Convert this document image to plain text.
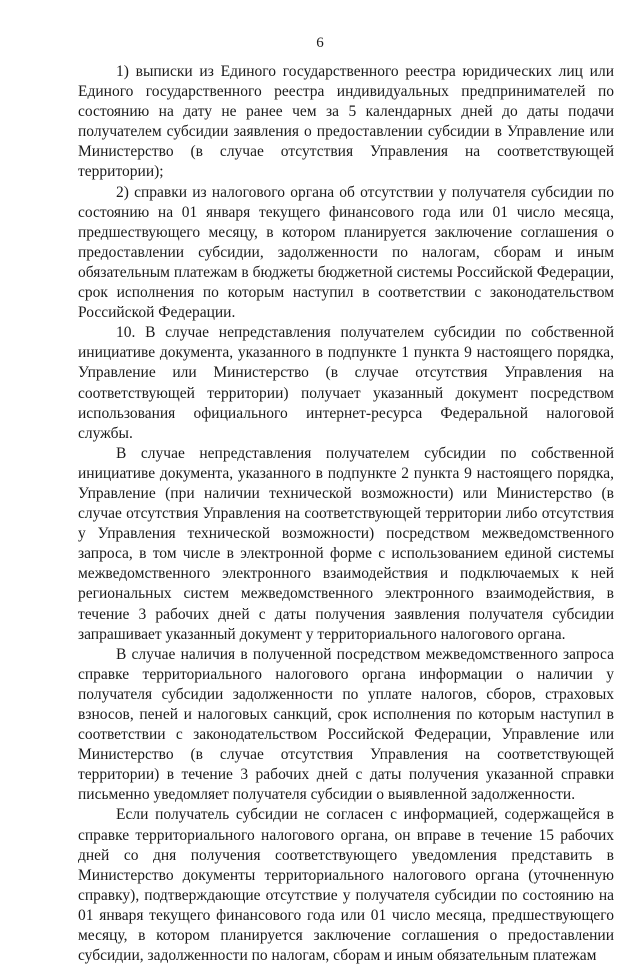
6

1) выписки из Единого государственного реестра юридических лиц или Единого государственного реестра индивидуальных предпринимателей по состоянию на дату не ранее чем за 5 календарных дней до даты подачи получателем субсидии заявления о предоставлении субсидии в Управление или Министерство (в случае отсутствия Управления на соответствующей территории);

2) справки из налогового органа об отсутствии у получателя субсидии по состоянию на 01 января текущего финансового года или 01 число месяца, предшествующего месяцу, в котором планируется заключение соглашения о предоставлении субсидии, задолженности по налогам, сборам и иным обязательным платежам в бюджеты бюджетной системы Российской Федерации, срок исполнения по которым наступил в соответствии с законодательством Российской Федерации.

10. В случае непредставления получателем субсидии по собственной инициативе документа, указанного в подпункте 1 пункта 9 настоящего порядка, Управление или Министерство (в случае отсутствия Управления на соответствующей территории) получает указанный документ посредством использования официального интернет-ресурса Федеральной налоговой службы.

В случае непредставления получателем субсидии по собственной инициативе документа, указанного в подпункте 2 пункта 9 настоящего порядка, Управление (при наличии технической возможности) или Министерство (в случае отсутствия Управления на соответствующей территории либо отсутствия у Управления технической возможности) посредством межведомственного запроса, в том числе в электронной форме с использованием единой системы межведомственного электронного взаимодействия и подключаемых к ней региональных систем межведомственного электронного взаимодействия, в течение 3 рабочих дней с даты получения заявления получателя субсидии запрашивает указанный документ у территориального налогового органа.

В случае наличия в полученной посредством межведомственного запроса справке территориального налогового органа информации о наличии у получателя субсидии задолженности по уплате налогов, сборов, страховых взносов, пеней и налоговых санкций, срок исполнения по которым наступил в соответствии с законодательством Российской Федерации, Управление или Министерство (в случае отсутствия Управления на соответствующей территории) в течение 3 рабочих дней с даты получения указанной справки письменно уведомляет получателя субсидии о выявленной задолженности.

Если получатель субсидии не согласен с информацией, содержащейся в справке территориального налогового органа, он вправе в течение 15 рабочих дней со дня получения соответствующего уведомления представить в Министерство документы территориального налогового органа (уточненную справку), подтверждающие отсутствие у получателя субсидии по состоянию на 01 января текущего финансового года или 01 число месяца, предшествующего месяцу, в котором планируется заключение соглашения о предоставлении субсидии, задолженности по налогам, сборам и иным обязательным платежам
